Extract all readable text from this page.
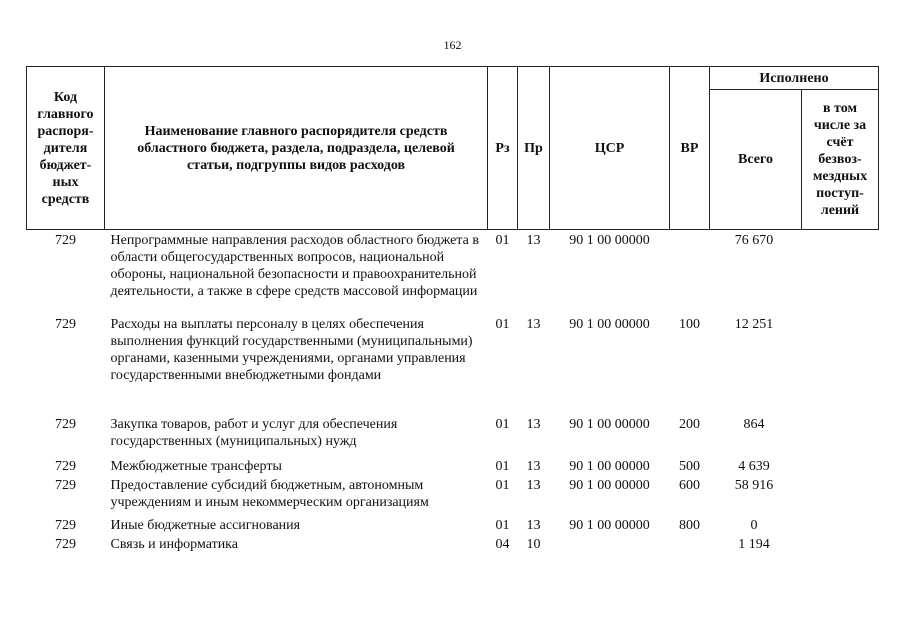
162
Код главного распоря-дителя бюджет-ных средств	Наименование главного распорядителя средств областного бюджета, раздела, подраздела, целевой статьи, подгруппы видов расходов	Рз	Пр	ЦСР	ВР	Исполнено	
						Всего	в том числе за счёт безвоз-мездных поступ-лений
729	Непрограммные направления расходов областного бюджета в области общегосударственных вопросов, национальной обороны, национальной безопасности и правоохранительной деятельности, а также в сфере средств массовой информации	01	13	90 1 00 00000		76 670	
729	Расходы на выплаты персоналу в целях обеспечения выполнения функций государственными (муниципальными) органами, казенными учреждениями, органами управления государственными внебюджетными фондами	01	13	90 1 00 00000	100	12 251	
729	Закупка товаров, работ и услуг для обеспечения государственных (муниципальных) нужд	01	13	90 1 00 00000	200	864	
729	Межбюджетные трансферты	01	13	90 1 00 00000	500	4 639	
729	Предоставление субсидий бюджетным, автономным учреждениям и иным некоммерческим организациям	01	13	90 1 00 00000	600	58 916	
729	Иные бюджетные ассигнования	01	13	90 1 00 00000	800	0	
729	Связь и информатика	04	10			1 194	
